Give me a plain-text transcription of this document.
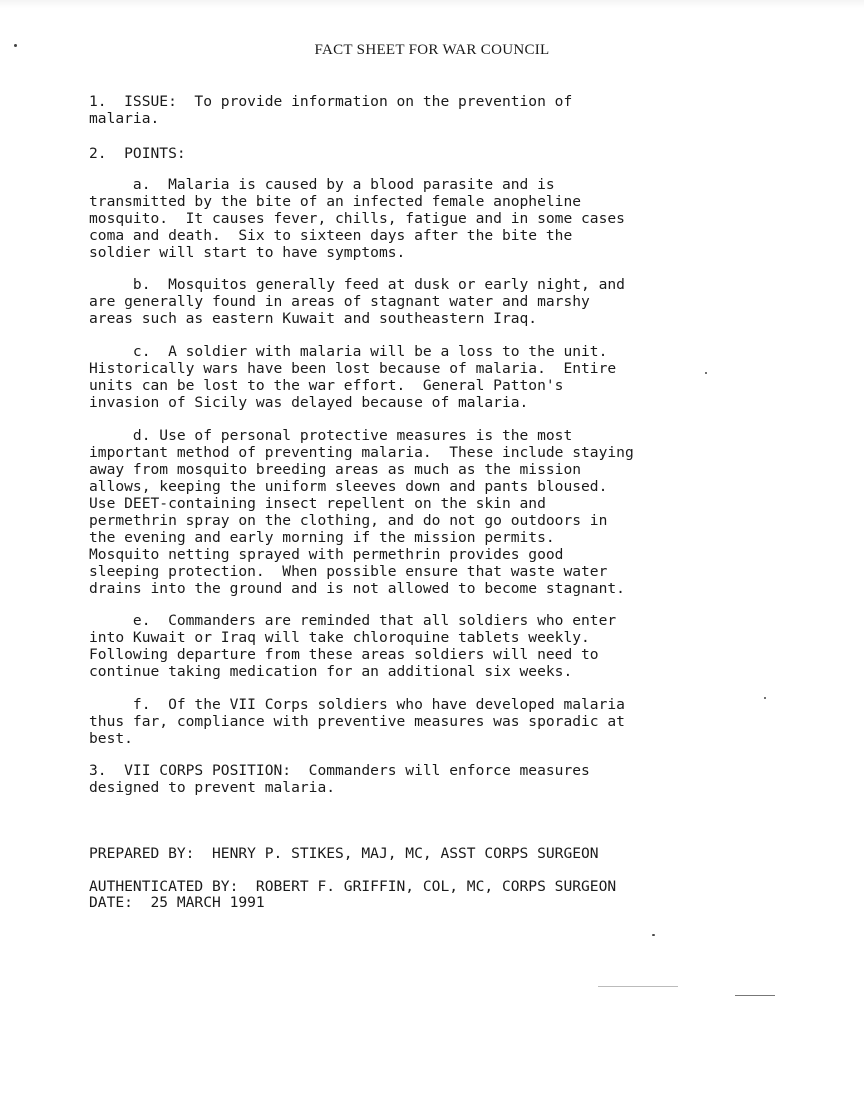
FACT SHEET FOR WAR COUNCIL
1.  ISSUE:  To provide information on the prevention of
malaria.
2.  POINTS:
a.  Malaria is caused by a blood parasite and is
transmitted by the bite of an infected female anopheline
mosquito.  It causes fever, chills, fatigue and in some cases
coma and death.  Six to sixteen days after the bite the
soldier will start to have symptoms.
b.  Mosquitos generally feed at dusk or early night, and
are generally found in areas of stagnant water and marshy
areas such as eastern Kuwait and southeastern Iraq.
c.  A soldier with malaria will be a loss to the unit.
Historically wars have been lost because of malaria.  Entire
units can be lost to the war effort.  General Patton's
invasion of Sicily was delayed because of malaria.
d. Use of personal protective measures is the most
important method of preventing malaria.  These include staying
away from mosquito breeding areas as much as the mission
allows, keeping the uniform sleeves down and pants bloused.
Use DEET-containing insect repellent on the skin and
permethrin spray on the clothing, and do not go outdoors in
the evening and early morning if the mission permits.
Mosquito netting sprayed with permethrin provides good
sleeping protection.  When possible ensure that waste water
drains into the ground and is not allowed to become stagnant.
e.  Commanders are reminded that all soldiers who enter
into Kuwait or Iraq will take chloroquine tablets weekly.
Following departure from these areas soldiers will need to
continue taking medication for an additional six weeks.
f.  Of the VII Corps soldiers who have developed malaria
thus far, compliance with preventive measures was sporadic at
best.
3.  VII CORPS POSITION:  Commanders will enforce measures
designed to prevent malaria.
PREPARED BY:  HENRY P. STIKES, MAJ, MC, ASST CORPS SURGEON
AUTHENTICATED BY:  ROBERT F. GRIFFIN, COL, MC, CORPS SURGEON
DATE:  25 MARCH 1991
